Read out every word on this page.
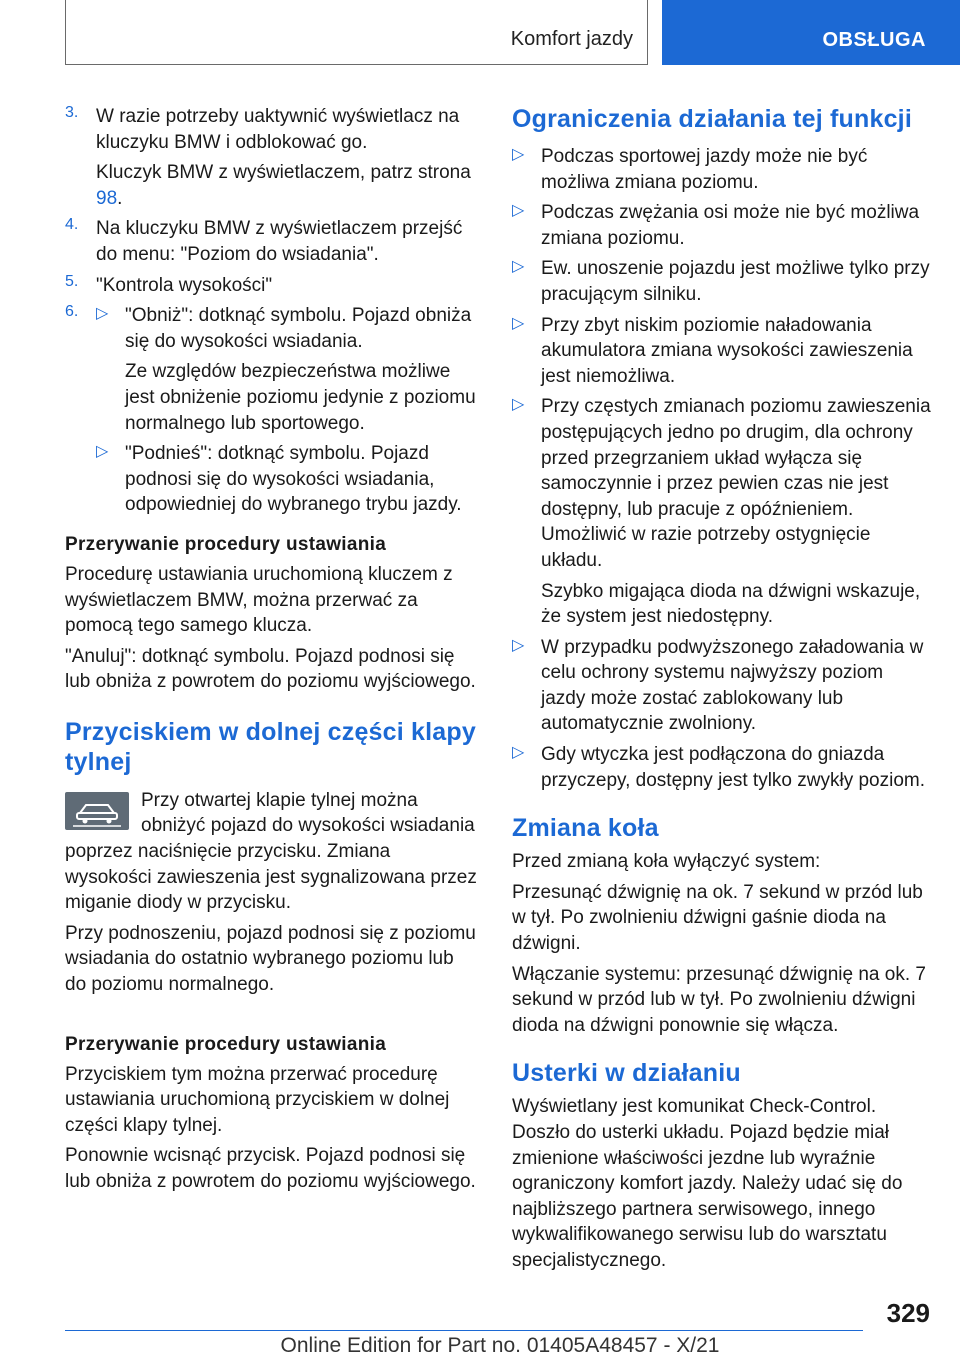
Komfort jazdy	OBSŁUGA
3. W razie potrzeby uaktywnić wyświetlacz na kluczyku BMW i odblokować go.

Kluczyk BMW z wyświetlaczem, patrz strona 98.

4. Na kluczyku BMW z wyświetlaczem przejść do menu: "Poziom do wsiadania".

5. "Kontrola wysokości"

6. ▷ "Obniż": dotknąć symbolu. Pojazd obniża się do wysokości wsiadania.

Ze względów bezpieczeństwa możliwe jest obniżenie poziomu jedynie z poziomu normalnego lub sportowego.

▷ "Podnieś": dotknąć symbolu. Pojazd podnosi się do wysokości wsiadania, odpowiedniej do wybranego trybu jazdy.

Przerywanie procedury ustawiania

Procedurę ustawiania uruchomioną kluczem z wyświetlaczem BMW, można przerwać za pomocą tego samego klucza.

"Anuluj": dotknąć symbolu. Pojazd podnosi się lub obniża z powrotem do poziomu wyjściowego.

Przyciskiem w dolnej części klapy tylnej

Przy otwartej klapie tylnej można obniżyć pojazd do wysokości wsiadania poprzez naciśnięcie przycisku. Zmiana wysokości zawieszenia jest sygnalizowana przez miganie diody w przycisku.

Przy podnoszeniu, pojazd podnosi się z poziomu wsiadania do ostatnio wybranego poziomu lub do poziomu normalnego.

Przerywanie procedury ustawiania

Przyciskiem tym można przerwać procedurę ustawiania uruchomioną przyciskiem w dolnej części klapy tylnej.

Ponownie wcisnąć przycisk. Pojazd podnosi się lub obniża z powrotem do poziomu wyjściowego.

Ograniczenia działania tej funkcji
▷ Podczas sportowej jazdy może nie być możliwa zmiana poziomu.

▷ Podczas zwężania osi może nie być możliwa zmiana poziomu.

▷ Ew. unoszenie pojazdu jest możliwe tylko przy pracującym silniku.

▷ Przy zbyt niskim poziomie naładowania akumulatora zmiana wysokości zawieszenia jest niemożliwa.

▷ Przy częstych zmianach poziomu zawieszenia postępujących jedno po drugim, dla ochrony przed przegrzaniem układ wyłącza się samoczynnie i przez pewien czas nie jest dostępny, lub pracuje z opóźnieniem. Umożliwić w razie potrzeby ostygnięcie układu.

Szybko migająca dioda na dźwigni wskazuje, że system jest niedostępny.

▷ W przypadku podwyższonego załadowania w celu ochrony systemu najwyższy poziom jazdy może zostać zablokowany lub automatycznie zwolniony.

▷ Gdy wtyczka jest podłączona do gniazda przyczepy, dostępny jest tylko zwykły poziom.

Zmiana koła

Przed zmianą koła wyłączyć system:

Przesunąć dźwignię na ok. 7 sekund w przód lub w tył. Po zwolnieniu dźwigni gaśnie dioda na dźwigni.

Włączanie systemu: przesunąć dźwignię na ok. 7 sekund w przód lub w tył. Po zwolnieniu dźwigni dioda na dźwigni ponownie się włącza.

Usterki w działaniu

Wyświetlany jest komunikat Check-Control. Doszło do usterki układu. Pojazd będzie miał zmienione właściwości jezdne lub wyraźnie ograniczony komfort jazdy. Należy udać się do najbliższego partnera serwisowego, innego wykwalifikowanego serwisu lub do warsztatu specjalistycznego.

329
Online Edition for Part no. 01405A48457 - X/21
